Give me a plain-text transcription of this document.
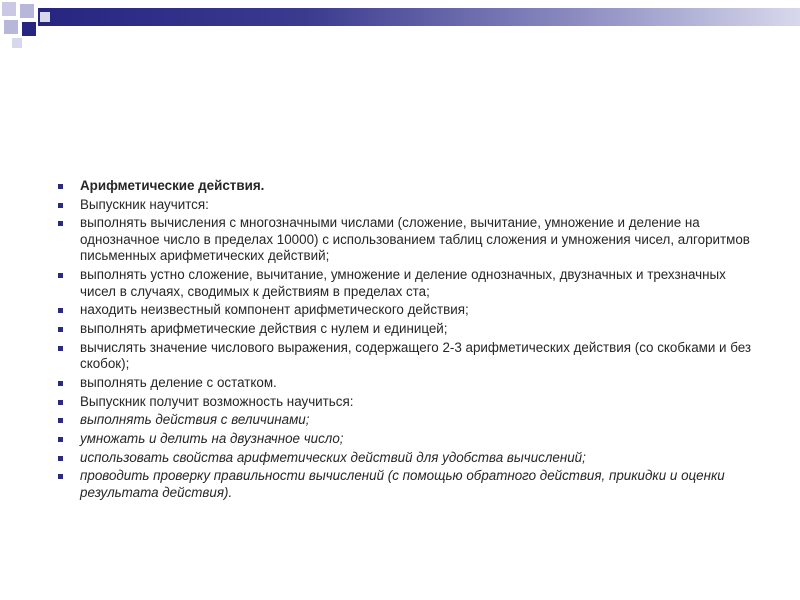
Арифметические действия.
Выпускник научится:
выполнять вычисления с многозначными числами (сложение, вычитание, умножение и деление на однозначное число в пределах 10000) с использованием таблиц сложения и умножения чисел, алгоритмов письменных арифметических действий;
выполнять устно сложение, вычитание, умножение и деление однозначных, двузначных и трехзначных чисел в случаях, сводимых к действиям в пределах ста;
находить неизвестный компонент арифметического действия;
выполнять арифметические действия с нулем и единицей;
вычислять значение числового выражения, содержащего 2-3 арифметических действия (со скобками и без скобок);
выполнять деление с остатком.
Выпускник получит возможность научиться:
выполнять действия с величинами;
умножать и делить на двузначное число;
использовать свойства арифметических действий для удобства вычислений;
проводить проверку правильности вычислений (с помощью обратного действия, прикидки и оценки результата действия).
